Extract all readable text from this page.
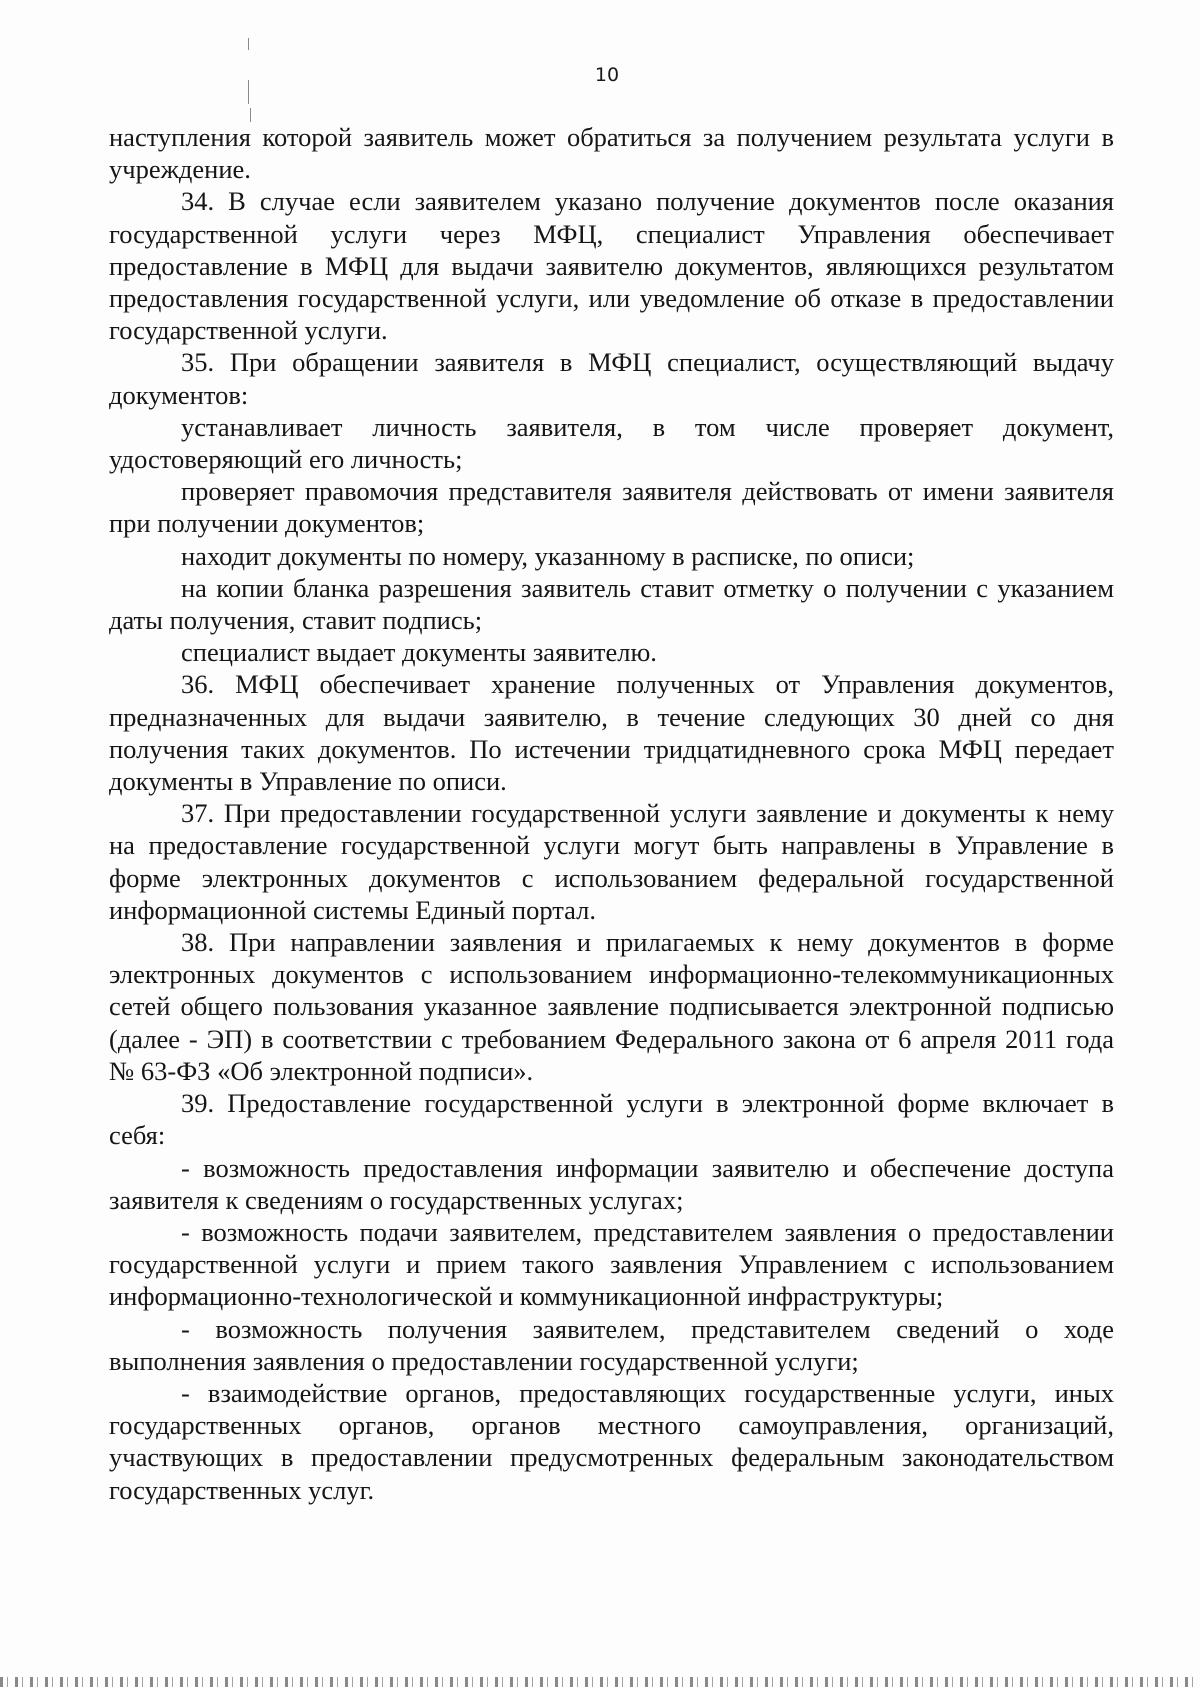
10

наступления которой заявитель может обратиться за получением результата услуги в учреждение.

34. В случае если заявителем указано получение документов после оказания государственной услуги через МФЦ, специалист Управления обеспечивает предоставление в МФЦ для выдачи заявителю документов, являющихся результатом предоставления государственной услуги, или уведомление об отказе в предоставлении государственной услуги.

35. При обращении заявителя в МФЦ специалист, осуществляющий выдачу документов:

устанавливает личность заявителя, в том числе проверяет документ, удостоверяющий его личность;

проверяет правомочия представителя заявителя действовать от имени заявителя при получении документов;

находит документы по номеру, указанному в расписке, по описи;

на копии бланка разрешения заявитель ставит отметку о получении с указанием даты получения, ставит подпись;

специалист выдает документы заявителю.

36. МФЦ обеспечивает хранение полученных от Управления документов, предназначенных для выдачи заявителю, в течение следующих 30 дней со дня получения таких документов. По истечении тридцатидневного срока МФЦ передает документы в Управление по описи.

37. При предоставлении государственной услуги заявление и документы к нему на предоставление государственной услуги могут быть направлены в Управление в форме электронных документов с использованием федеральной государственной информационной системы Единый портал.

38. При направлении заявления и прилагаемых к нему документов в форме электронных документов с использованием информационно-телекоммуникационных сетей общего пользования указанное заявление подписывается электронной подписью (далее - ЭП) в соответствии с требованием Федерального закона от 6 апреля 2011 года № 63-ФЗ «Об электронной подписи».

39. Предоставление государственной услуги в электронной форме включает в себя:

- возможность предоставления информации заявителю и обеспечение доступа заявителя к сведениям о государственных услугах;

- возможность подачи заявителем, представителем заявления о предоставлении государственной услуги и прием такого заявления Управлением с использованием информационно-технологической и коммуникационной инфраструктуры;

- возможность получения заявителем, представителем сведений о ходе выполнения заявления о предоставлении государственной услуги;

- взаимодействие органов, предоставляющих государственные услуги, иных государственных органов, органов местного самоуправления, организаций, участвующих в предоставлении предусмотренных федеральным законодательством государственных услуг.
